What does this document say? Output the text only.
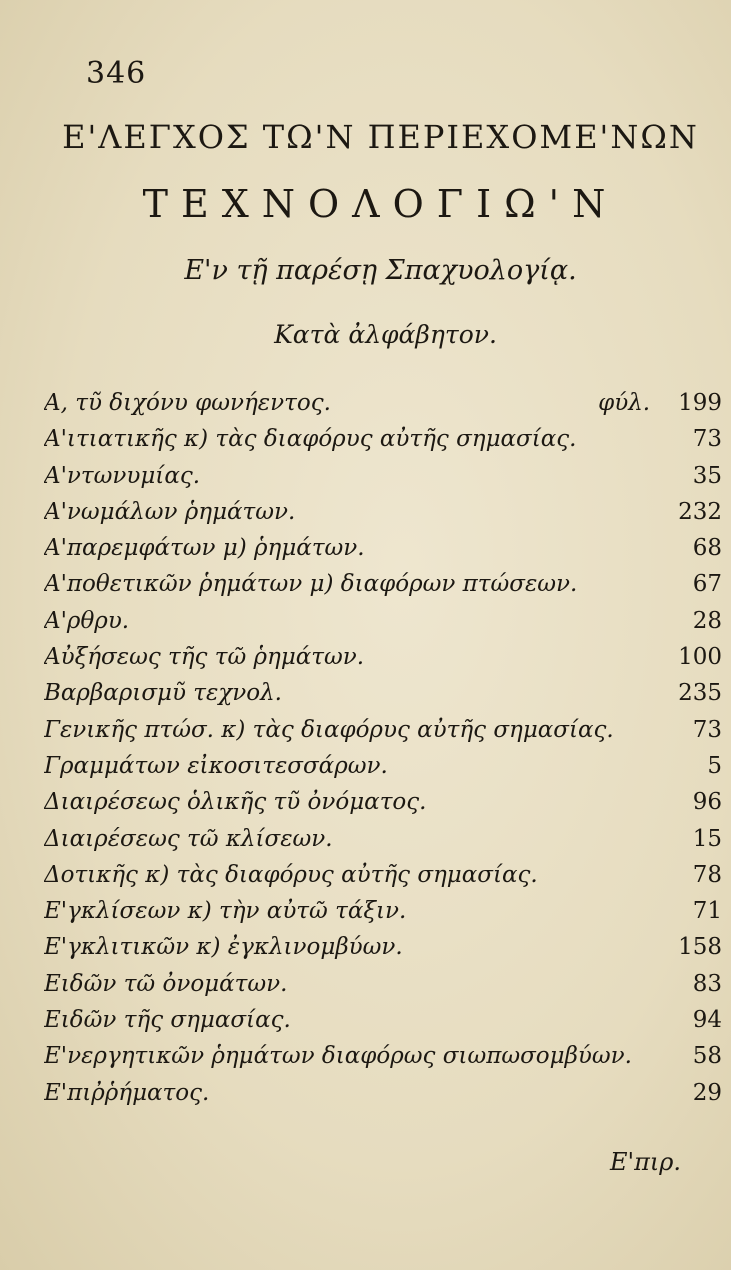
346
Ε'ΛΕΓΧΟΣ ΤΩ'Ν ΠΕΡΙΕΧΟΜΕ'ΝΩΝ
ΤΕΧΝΟΛΟΓΙΩ'Ν
Ε'ν τῇ παρέσῃ Σπαχυολογίᾳ.
Κατὰ ἀλφάβητον.
Α, τῦ διχόνυ φωνήεντος.	φύλ. 199
Α'ιτιατικῆς κ) τὰς διαφόρυς αὐτῆς σημασίας.	73
Α'ντωνυμίας.	35
Α'νωμάλων ῥημάτων.	232
Α'παρεμφάτων μ) ῥημάτων.	68
Α'ποθετικῶν ῥημάτων μ) διαφόρων πτώσεων.	67
Α'ρθρυ.	28
Αὐξήσεως τῆς τῶ ῥημάτων.	100
Βαρβαρισμῦ τεχνολ.	235
Γενικῆς πτώσ. κ) τὰς διαφόρυς αὐτῆς σημασίας.	73
Γραμμάτων εἰκοσιτεσσάρων.	5
Διαιρέσεως ὁλικῆς τῦ ὀνόματος.	96
Διαιρέσεως τῶ κλίσεων.	15
Δοτικῆς κ) τὰς διαφόρυς αὐτῆς σημασίας.	78
Ε'γκλίσεων κ) τὴν αὐτῶ τάξιν.	71
Ε'γκλιτικῶν κ) ἐγκλινομβύων.	158
Ειδῶν τῶ ὀνομάτων.	83
Ειδῶν τῆς σημασίας.	94
Ε'νεργητικῶν ῥημάτων διαφόρως σιωπωσομβύων.	58
Ε'πιῤῥήματος.	29
Ε'πιρ.
